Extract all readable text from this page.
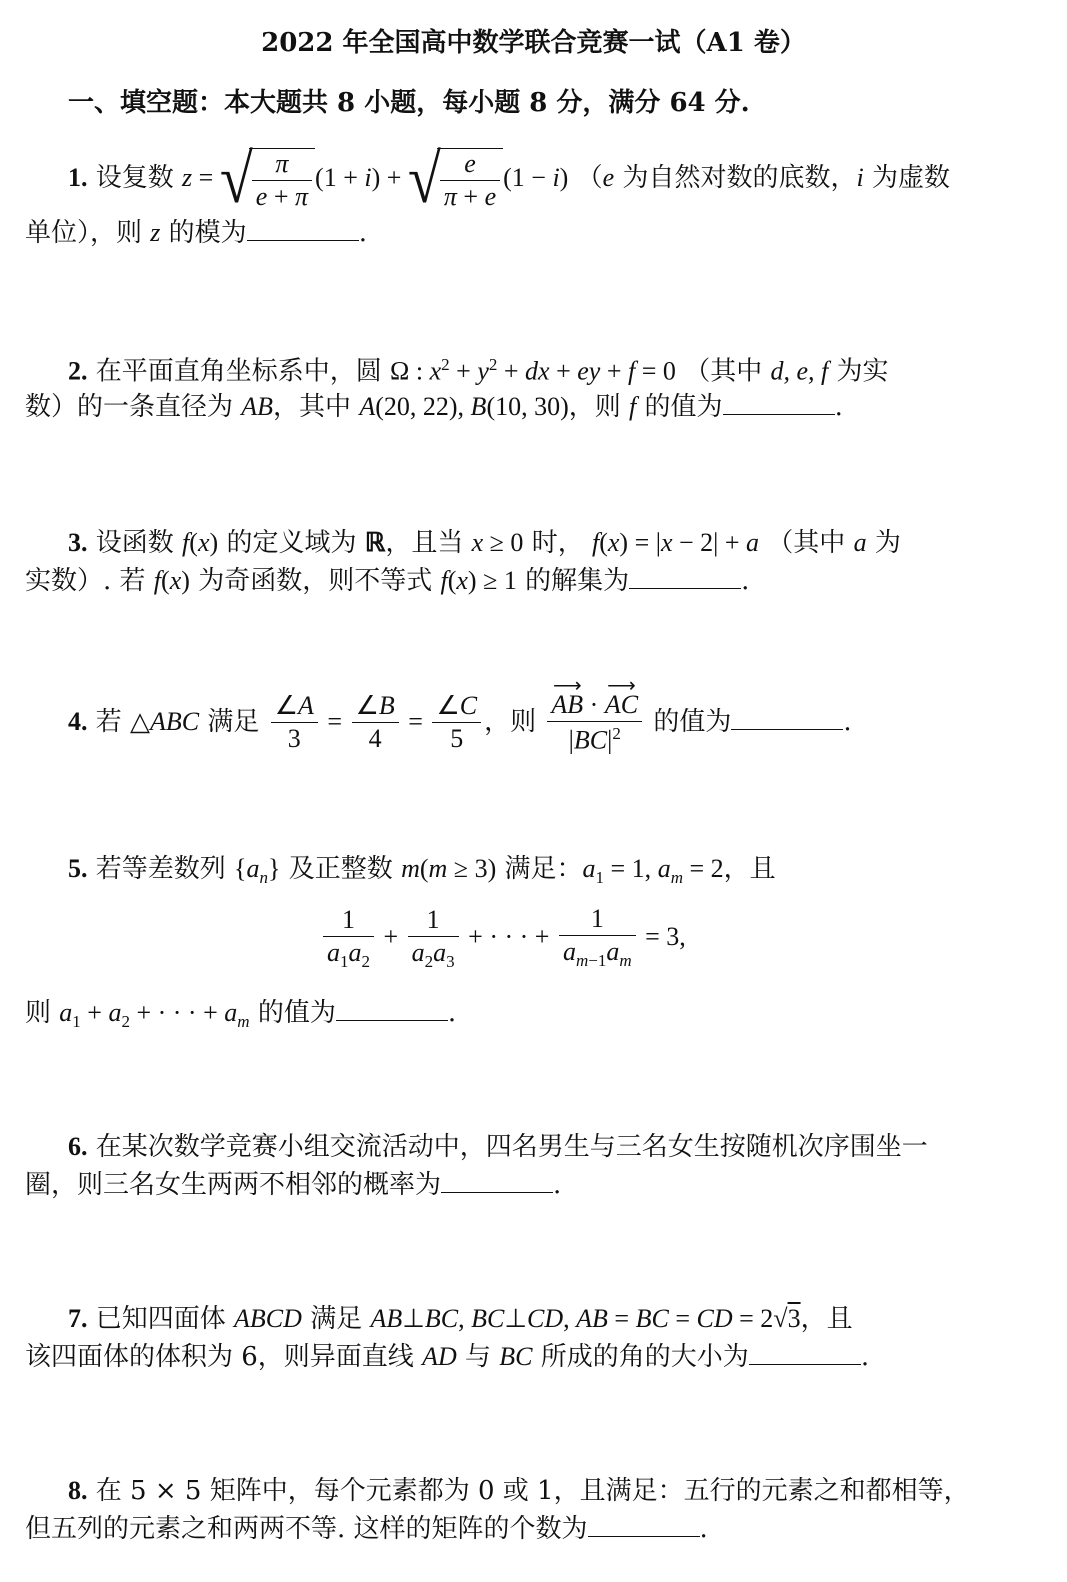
2022 年全国高中数学联合竞赛一试（A1 卷）
一、填空题：本大题共 8 小题，每小题 8 分，满分 64 分.
1. 设复数 z = √ $\frac{\pi}{e + \pi} (1 + i)$ + √ $\frac{e}{\pi + e} (1 - i)$ （e 为自然对数的底数，i 为虚数
单位），则 z 的模为	.
2. 在平面直角坐标系中，圆 Ω : $x^2 + y^2$ + dx + ey + f = 0 （其中 d, e, f 为实
数）的一条直径为 AB，其中 A(20, 22), B(10, 30)，则 f 的值为	.
3. 设函数 f(x) 的定义域为 ℝ，且当 x ≥ 0 时， f(x) = |x − 2| + a （其中 a 为
实数）. 若 f(x) 为奇函数，则不等式 f(x) ≥ 1 的解集为	.
4. 若 △ABC 满足 $\frac{\angle A}{3} = \frac{\angle B}{4} = \frac{\angle C}{5}$ ，则 ⟶ $\frac{AB \cdot ⟶ AC}{|BC|^2}$ 的值为	.
5. 若等差数列 $\{a_n\}$ 及正整数 m(m ≥ 3) 满足：$a_1 = 1$, $a_m = 2$，且
$\frac{1}{a_1a_2} + \frac{1}{a_2a_3}$ + · · · + $\frac{1}{a_{m-1}a_m} = 3$,
则 $a_1 + a_2$ + · · · + $a_m$ 的值为	.
6. 在某次数学竞赛小组交流活动中，四名男生与三名女生按随机次序围坐一
圈，则三名女生两两不相邻的概率为	.
7. 已知四面体 ABCD 满足 AB⊥BC, BC⊥CD, AB = BC = CD = 2√3，且
该四面体的体积为 6，则异面直线 AD 与 BC 所成的角的大小为	.
8. 在 5 × 5 矩阵中，每个元素都为 0 或 1，且满足：五行的元素之和都相等，
但五列的元素之和两两不等. 这样的矩阵的个数为	.
